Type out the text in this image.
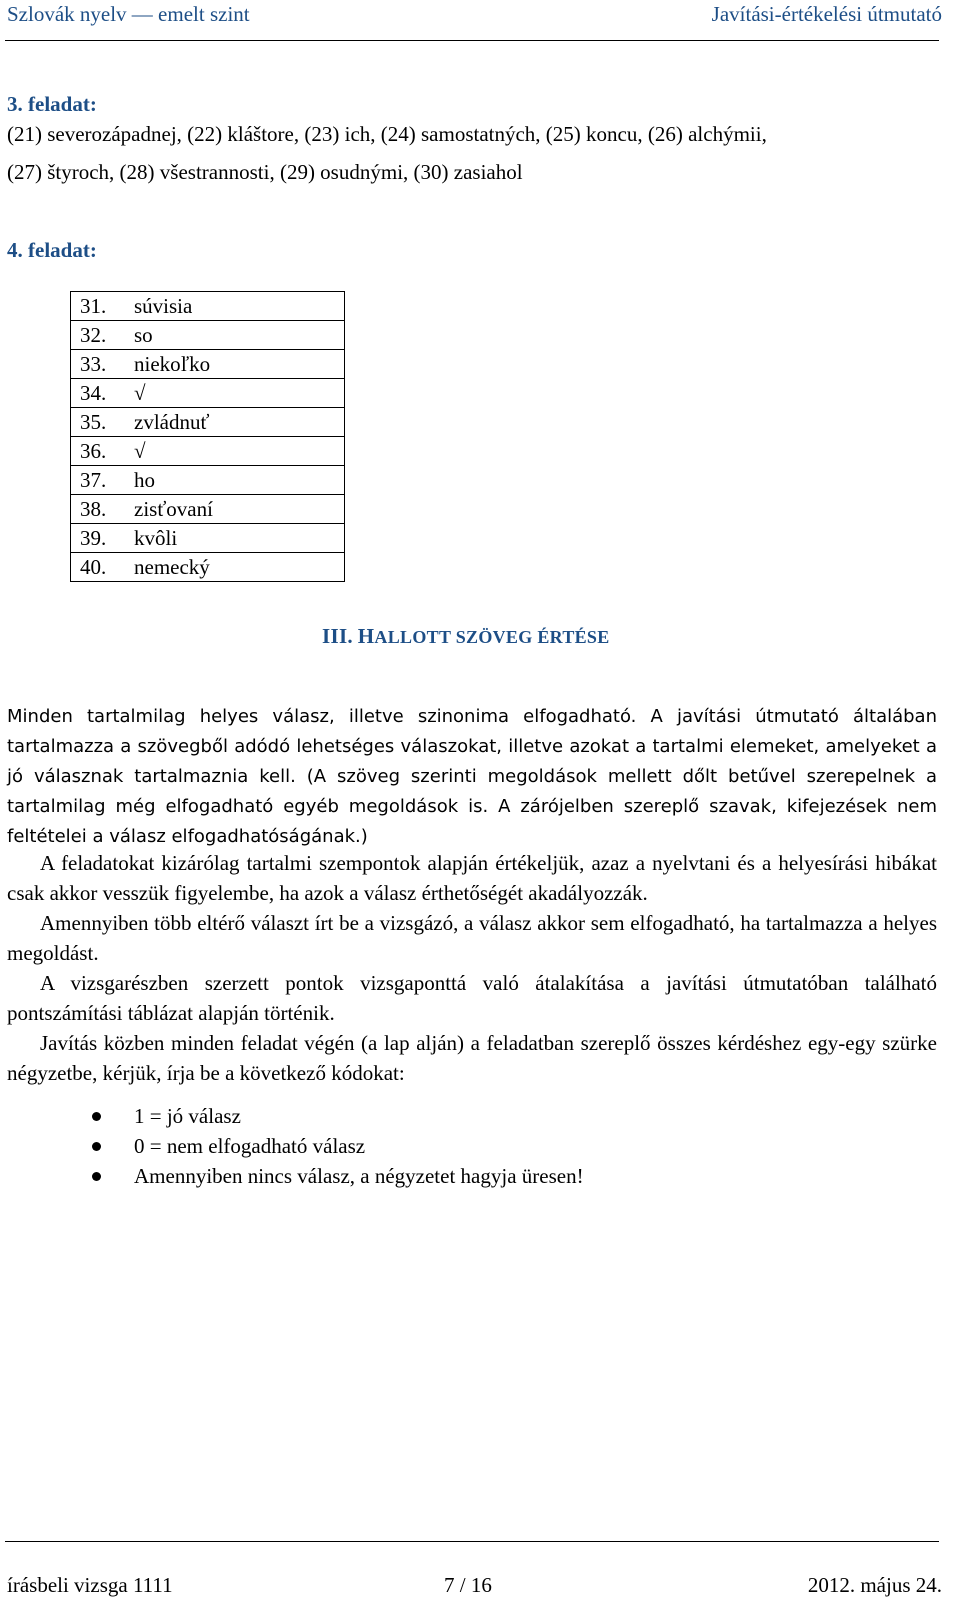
Szlovák nyelv — emelt szint	Javítási-értékelési útmutató
3. feladat:
(21) severozápadnej, (22) kláštore, (23) ich, (24) samostatných, (25) koncu, (26) alchýmii,
(27) štyroch, (28) všestrannosti, (29) osudnými, (30) zasiahol
4. feladat:
31.	súvisia
32.	so
33.	niekoľko
34.	√
35.	zvládnuť
36.	√
37.	ho
38.	zisťovaní
39.	kvôli
40.	nemecký
III. HALLOTT SZÖVEG ÉRTÉSE
Minden tartalmilag helyes válasz, illetve szinonima elfogadható. A javítási útmutató általában tartalmazza a szövegből adódó lehetséges válaszokat, illetve azokat a tartalmi elemeket, amelyeket a jó válasznak tartalmaznia kell. (A szöveg szerinti megoldások mellett dőlt betűvel szerepelnek a tartalmilag még elfogadható egyéb megoldások is. A zárójelben szereplő szavak, kifejezések nem feltételei a válasz elfogadhatóságának.)
A feladatokat kizárólag tartalmi szempontok alapján értékeljük, azaz a nyelvtani és a helyesírási hibákat csak akkor vesszük figyelembe, ha azok a válasz érthetőségét akadályozzák.
Amennyiben több eltérő választ írt be a vizsgázó, a válasz akkor sem elfogadható, ha tartalmazza a helyes megoldást.
A vizsgarészben szerzett pontok vizsgaponttá való átalakítása a javítási útmutatóban található pontszámítási táblázat alapján történik.
Javítás közben minden feladat végén (a lap alján) a feladatban szereplő összes kérdéshez egy-egy szürke négyzetbe, kérjük, írja be a következő kódokat:
1 = jó válasz
0 = nem elfogadható válasz
Amennyiben nincs válasz, a négyzetet hagyja üresen!
írásbeli vizsga 1111	7 / 16	2012. május 24.
